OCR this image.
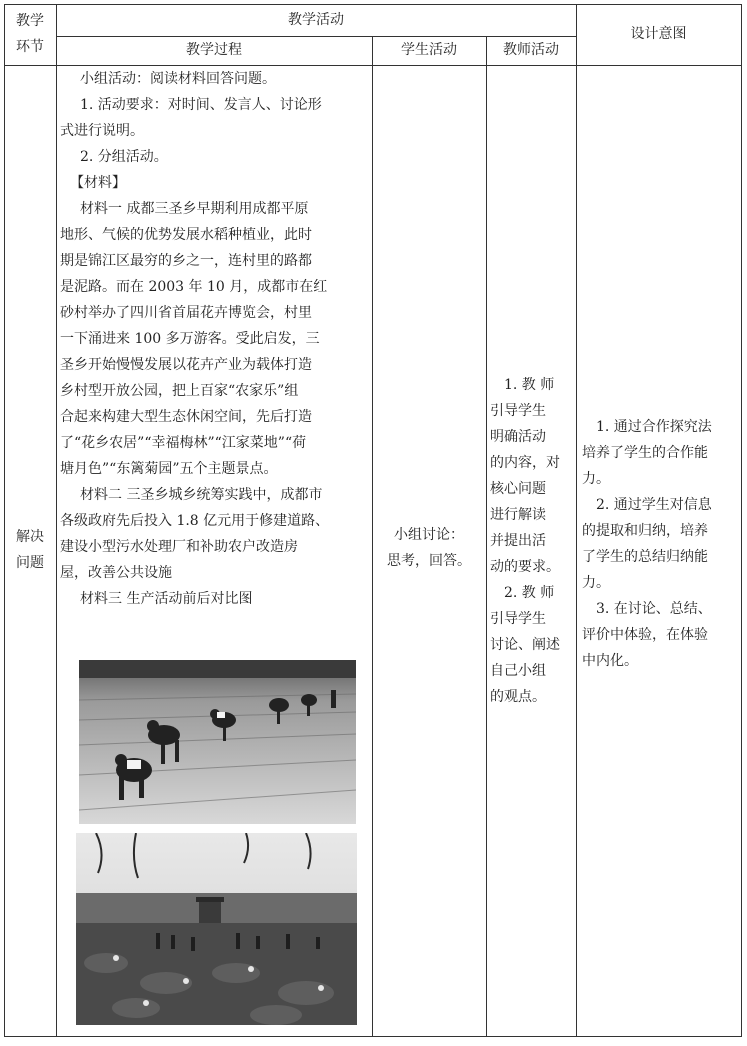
教学
环节
教学活动
教学过程	学生活动	教师活动
设计意图
解决
问题

小组活动：阅读材料回答问题。

1. 活动要求：对时间、发言人、讨论形

式进行说明。

2. 分组活动。

【材料】

材料一 成都三圣乡早期利用成都平原

地形、气候的优势发展水稻种植业，此时

期是锦江区最穷的乡之一，连村里的路都

是泥路。而在 2003 年 10 月，成都市在红

砂村举办了四川省首届花卉博览会，村里

一下涌进来 100 多万游客。受此启发，三

圣乡开始慢慢发展以花卉产业为载体打造

乡村型开放公园，把上百家“农家乐”组

合起来构建大型生态休闲空间，先后打造

了“花乡农居”“幸福梅林”“江家菜地”“荷

塘月色”“东篱菊园”五个主题景点。

材料二 三圣乡城乡统筹实践中，成都市

各级政府先后投入 1.8 亿元用于修建道路、

建设小型污水处理厂和补助农户改造房

屋，改善公共设施

材料三 生产活动前后对比图

小组讨论：

思考，回答。

1. 教 师

引导学生

明确活动

的内容，对

核心问题

进行解读

并提出活

动的要求。

2. 教 师

引导学生

讨论、阐述

自己小组

的观点。

1. 通过合作探究法

培养了学生的合作能

力。

2. 通过学生对信息

的提取和归纳，培养

了学生的总结归纳能

力。

3. 在讨论、总结、

评价中体验，在体验

中内化。
